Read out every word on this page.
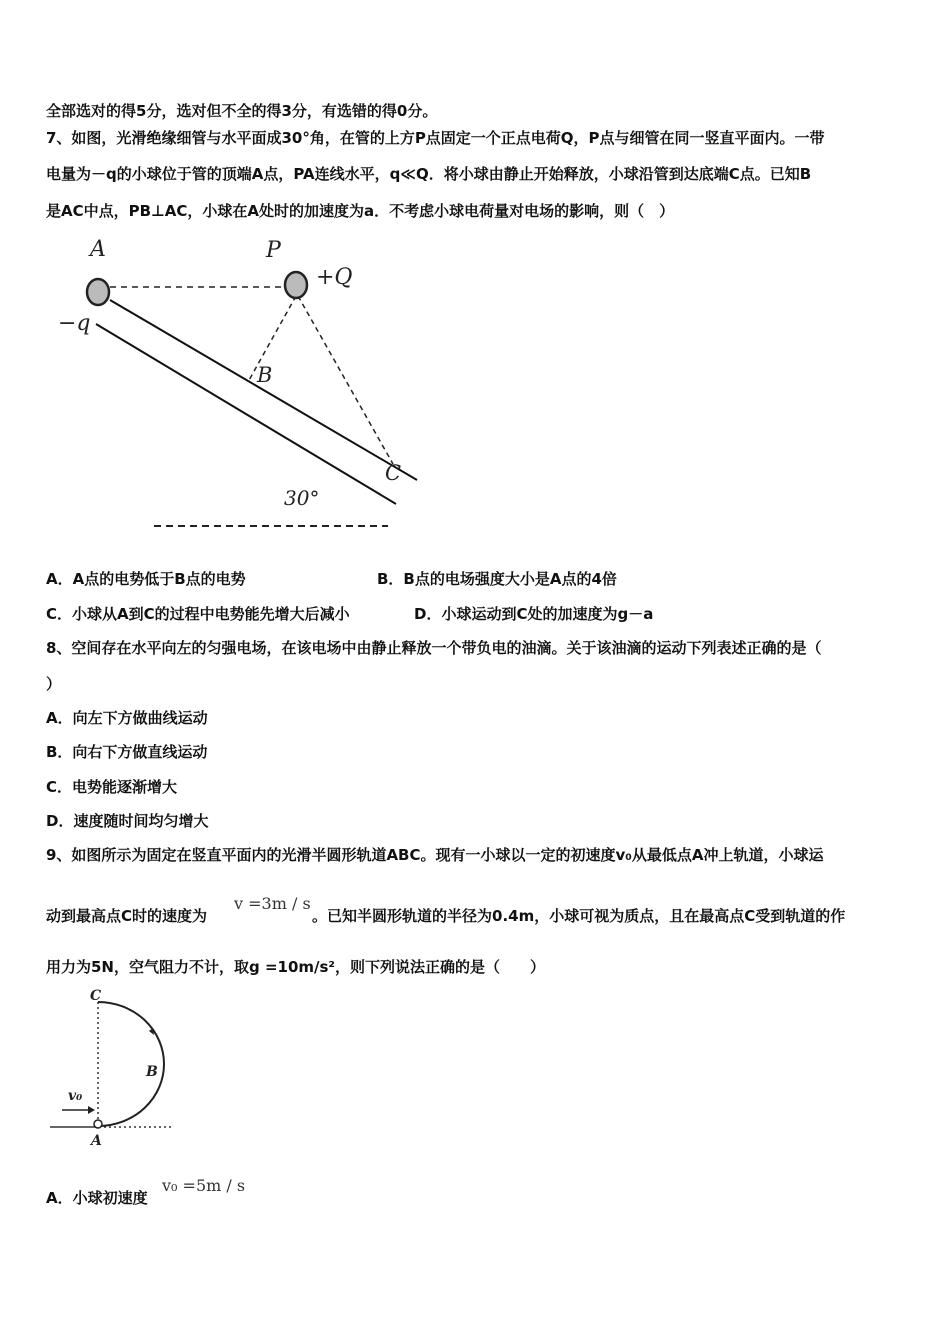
全部选对的得5分，选对但不全的得3分，有选错的得0分。
7、如图，光滑绝缘细管与水平面成30°角，在管的上方P点固定一个正点电荷Q，P点与细管在同一竖直平面内。一带
电量为－q的小球位于管的顶端A点，PA连线水平，q≪Q．将小球由静止开始释放，小球沿管到达底端C点。已知B
是AC中点，PB⊥AC，小球在A处时的加速度为a．不考虑小球电荷量对电场的影响，则（　）
A	P
+Q
−q
B
C
30°
A．A点的电势低于B点的电势	B．B点的电场强度大小是A点的4倍
C．小球从A到C的过程中电势能先增大后减小	D．小球运动到C处的加速度为g－a
8、空间存在水平向左的匀强电场，在该电场中由静止释放一个带负电的油滴。关于该油滴的运动下列表述正确的是（
）
A．向左下方做曲线运动
B．向右下方做直线运动
C．电势能逐渐增大
D．速度随时间均匀增大
9、如图所示为固定在竖直平面内的光滑半圆形轨道ABC。现有一小球以一定的初速度v₀从最低点A冲上轨道，小球运
动到最高点C时的速度为
v =3m / s
。已知半圆形轨道的半径为0.4m，小球可视为质点，且在最高点C受到轨道的作
用力为5N，空气阻力不计，取g =10m/s²，则下列说法正确的是（　　）
C
B
A
v₀
A．小球初速度
v₀ =5m / s
